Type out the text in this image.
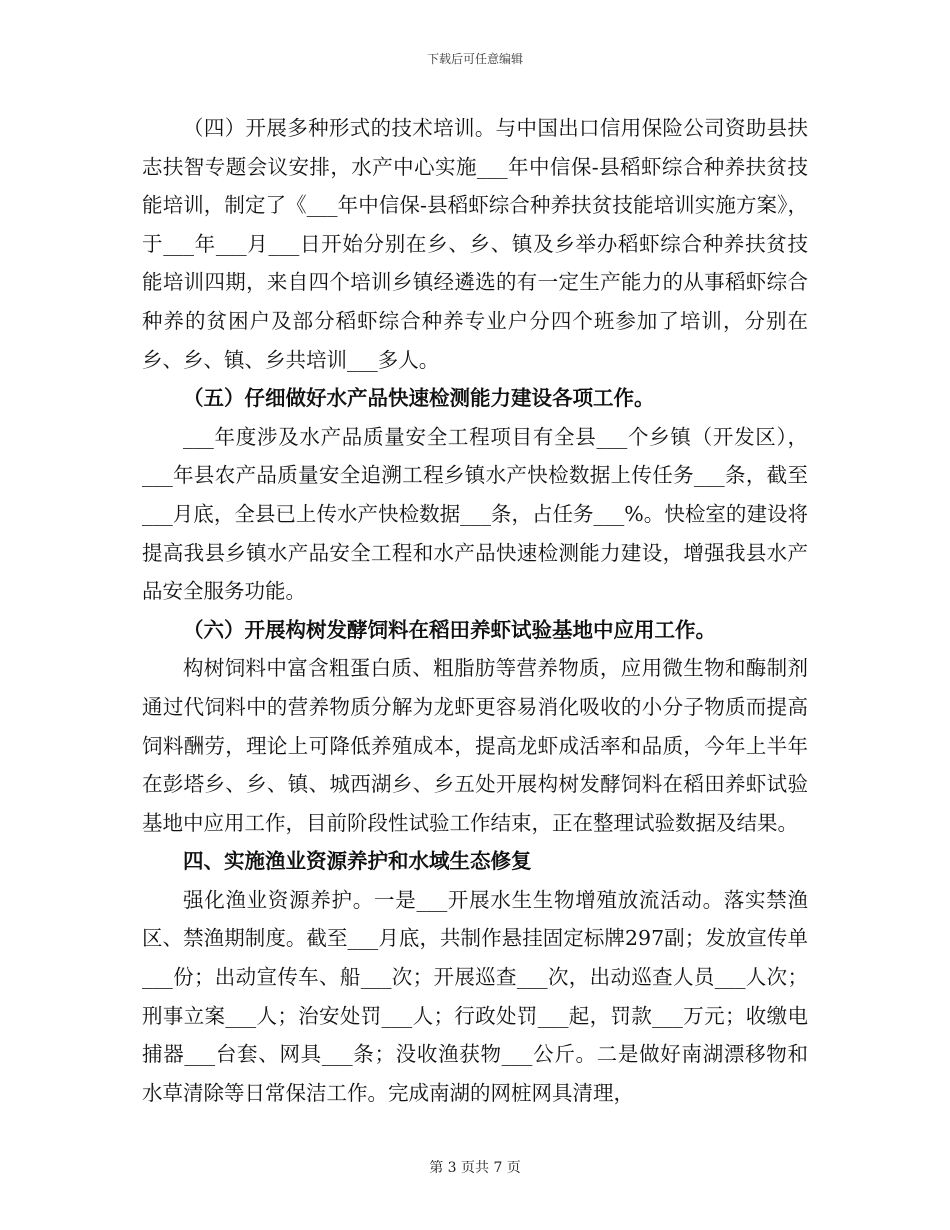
下载后可任意编辑

（四）开展多种形式的技术培训。与中国出口信用保险公司资助县扶志扶智专题会议安排，水产中心实施___年中信保-县稻虾综合种养扶贫技能培训，制定了《___年中信保-县稻虾综合种养扶贫技能培训实施方案》，于___年___月___日开始分别在乡、乡、镇及乡举办稻虾综合种养扶贫技能培训四期，来自四个培训乡镇经遴选的有一定生产能力的从事稻虾综合种养的贫困户及部分稻虾综合种养专业户分四个班参加了培训，分别在乡、乡、镇、乡共培训___多人。

（五）仔细做好水产品快速检测能力建设各项工作。

___年度涉及水产品质量安全工程项目有全县___个乡镇（开发区），___年县农产品质量安全追溯工程乡镇水产快检数据上传任务___条，截至___月底，全县已上传水产快检数据___条，占任务___%。快检室的建设将提高我县乡镇水产品安全工程和水产品快速检测能力建设，增强我县水产品安全服务功能。

（六）开展构树发酵饲料在稻田养虾试验基地中应用工作。

构树饲料中富含粗蛋白质、粗脂肪等营养物质，应用微生物和酶制剂通过代饲料中的营养物质分解为龙虾更容易消化吸收的小分子物质而提高饲料酬劳，理论上可降低养殖成本，提高龙虾成活率和品质，今年上半年在彭塔乡、乡、镇、城西湖乡、乡五处开展构树发酵饲料在稻田养虾试验基地中应用工作，目前阶段性试验工作结束，正在整理试验数据及结果。

四、实施渔业资源养护和水域生态修复

强化渔业资源养护。一是___开展水生生物增殖放流活动。落实禁渔区、禁渔期制度。截至___月底，共制作悬挂固定标牌297副；发放宣传单___份；出动宣传车、船___次；开展巡查___次，出动巡查人员___人次；刑事立案___人；治安处罚___人；行政处罚___起，罚款___万元；收缴电捕器___台套、网具___条；没收渔获物___公斤。二是做好南湖漂移物和水草清除等日常保洁工作。完成南湖的网桩网具清理，

第 3 页共 7 页
